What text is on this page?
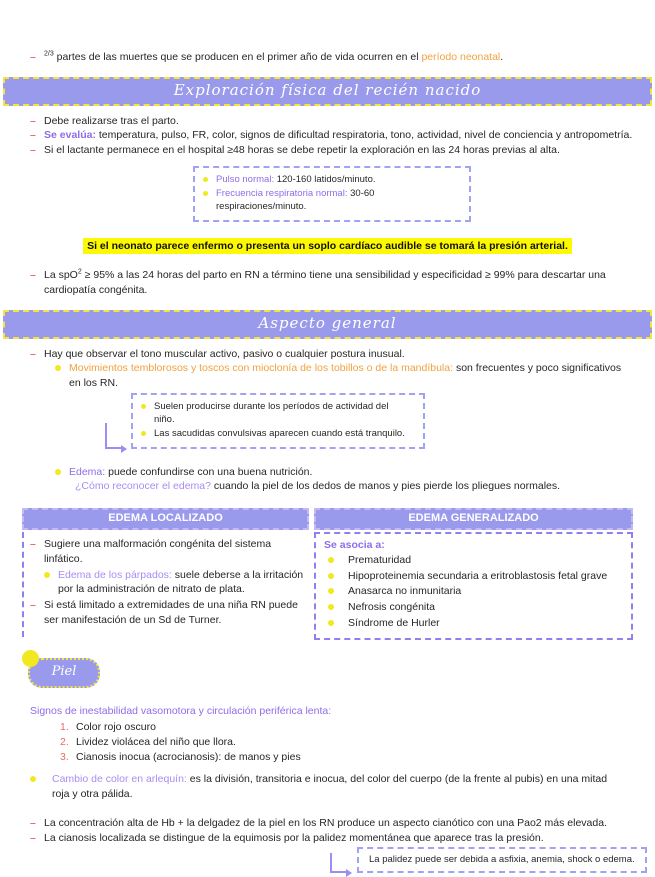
–	$^{2/3}$ partes de las muertes que se producen en el primer año de vida ocurren en el período neonatal.
Exploración física del recién nacido
– Debe realizarse tras el parto.
– Se evalúa: temperatura, pulso, FR, color, signos de dificultad respiratoria, tono, actividad, nivel de conciencia y antropometría.
– Si el lactante permanece en el hospital ≥48 horas se debe repetir la exploración en las 24 horas previas al alta.
Pulso normal: 120-160 latidos/minuto.
Frecuencia respiratoria normal: 30-60 respiraciones/minuto.
Si el neonato parece enfermo o presenta un soplo cardíaco audible se tomará la presión arterial.
– La spO$^2$ ≥ 95% a las 24 horas del parto en RN a término tiene una sensibilidad y especificidad ≥ 99% para descartar una cardiopatía congénita.
Aspecto general
– Hay que observar el tono muscular activo, pasivo o cualquier postura inusual.
Movimientos temblorosos y toscos con mioclonía de los tobillos o de la mandíbula: son frecuentes y poco significativos en los RN.
Suelen producirse durante los períodos de actividad del niño.
Las sacudidas convulsivas aparecen cuando está tranquilo.
Edema: puede confundirse con una buena nutrición.
¿Cómo reconocer el edema? cuando la piel de los dedos de manos y pies pierde los pliegues normales.
EDEMA LOCALIZADO
– Sugiere una malformación congénita del sistema linfático.
Edema de los párpados: suele deberse a la irritación por la administración de nitrato de plata.
– Si está limitado a extremidades de una niña RN puede ser manifestación de un Sd de Turner.
EDEMA GENERALIZADO
Se asocia a:
Prematuridad
Hipoproteinemia secundaria a eritroblastosis fetal grave
Anasarca no inmunitaria
Nefrosis congénita
Síndrome de Hurler
Piel
Signos de inestabilidad vasomotora y circulación periférica lenta:
1. Color rojo oscuro
2. Lividez violácea del niño que llora.
3. Cianosis inocua (acrocianosis): de manos y pies
Cambio de color en arlequín: es la división, transitoria e inocua, del color del cuerpo (de la frente al pubis) en una mitad roja y otra pálida.
– La concentración alta de Hb + la delgadez de la piel en los RN produce un aspecto cianótico con una Pao2 más elevada.
– La cianosis localizada se distingue de la equimosis por la palidez momentánea que aparece tras la presión.
La palidez puede ser debida a asfixia, anemia, shock o edema.
